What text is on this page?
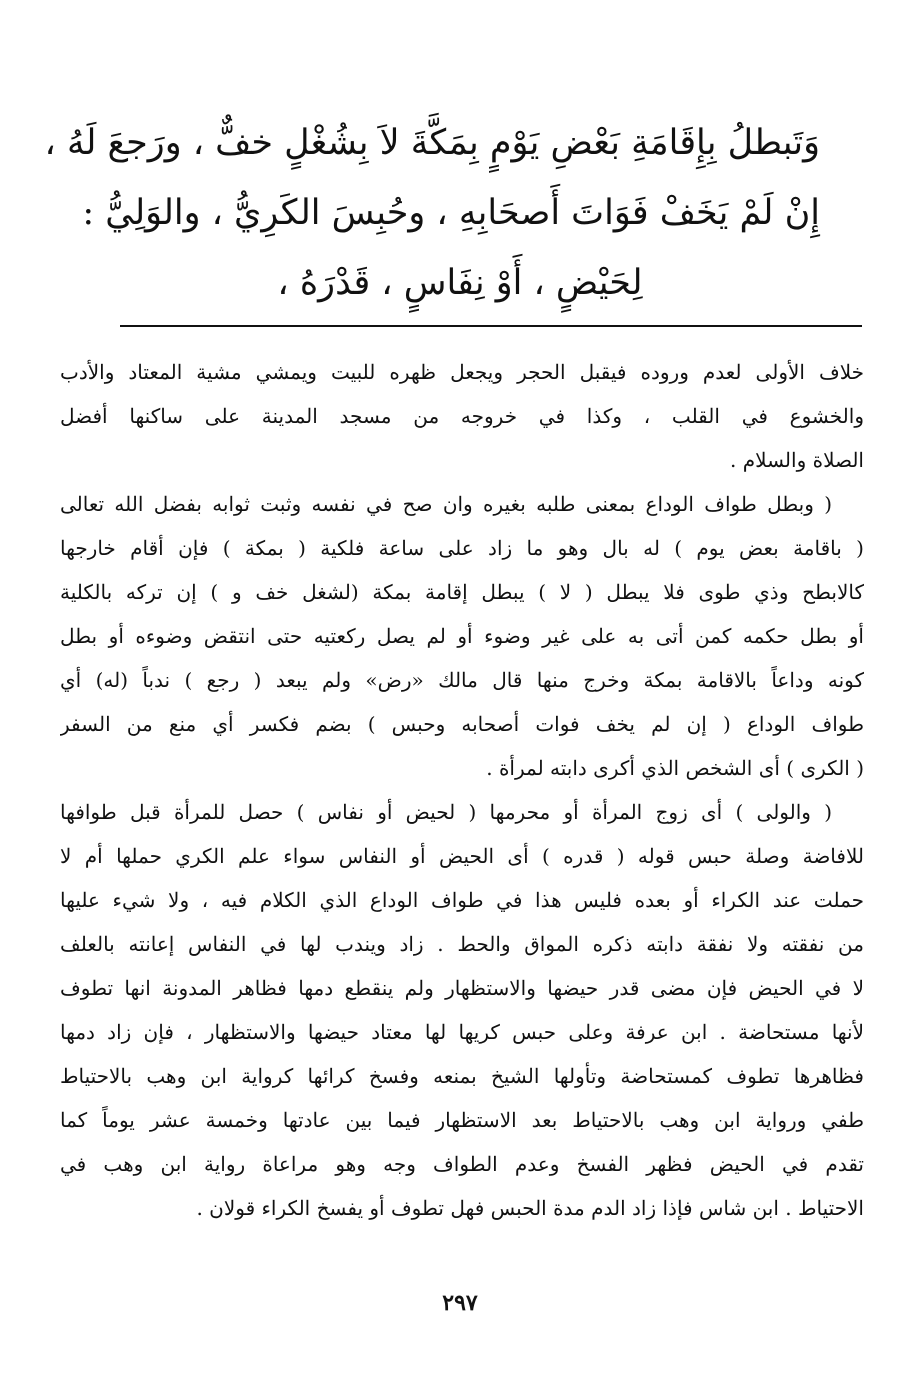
وَتَبطلُ بِإِقَامَةِ بَعْضِ يَوْمٍ بِمَكَّةَ لاَ بِشُغْلٍ خفٌّ ، ورَجعَ لَهُ ،
إِنْ لَمْ يَخَفْ فَوَاتَ أَصحَابِهِ ، وحُبِسَ الكَرِيُّ ، والوَلِيُّ :
لِحَيْضٍ ، أَوْ نِفَاسٍ ، قَدْرَهُ ،
خلاف الأولى لعدم وروده فيقبل الحجر ويجعل ظهره للبيت ويمشي مشية المعتاد والأدب
والخشوع في القلب ، وكذا في خروجه من مسجد المدينة على ساكنها أفضل
الصلاة والسلام .
( وبطل طواف الوداع بمعنى طلبه بغيره وان صح في نفسه وثبت ثوابه بفضل الله تعالى
( باقامة بعض يوم ) له بال وهو ما زاد على ساعة فلكية ( بمكة ) فإن أقام خارجها
كالابطح وذي طوى فلا يبطل ( لا ) يبطل إقامة بمكة (لشغل خف و ) إن تركه بالكلية
أو بطل حكمه كمن أتى به على غير وضوء أو لم يصل ركعتيه حتى انتقض وضوءه أو بطل
كونه وداعاً بالاقامة بمكة وخرج منها قال مالك «رض» ولم يبعد ( رجع ) ندباً (له) أي
طواف الوداع ( إن لم يخف فوات أصحابه وحبس ) بضم فكسر أي منع من السفر
( الكرى ) أى الشخص الذي أكرى دابته لمرأة .
( والولى ) أى زوج المرأة أو محرمها ( لحيض أو نفاس ) حصل للمرأة قبل طوافها
للافاضة وصلة حبس قوله ( قدره ) أى الحيض أو النفاس سواء علم الكري حملها أم لا
حملت عند الكراء أو بعده فليس هذا في طواف الوداع الذي الكلام فيه ، ولا شيء عليها
من نفقته ولا نفقة دابته ذكره المواق والحط . زاد ويندب لها في النفاس إعانته بالعلف
لا في الحيض فإن مضى قدر حيضها والاستظهار ولم ينقطع دمها فظاهر المدونة انها تطوف
لأنها مستحاضة . ابن عرفة وعلى حبس كريها لها معتاد حيضها والاستظهار ، فإن زاد دمها
فظاهرها تطوف كمستحاضة وتأولها الشيخ بمنعه وفسخ كرائها كرواية ابن وهب بالاحتياط
طفي ورواية ابن وهب بالاحتياط بعد الاستظهار فيما بين عادتها وخمسة عشر يوماً كما
تقدم في الحيض فظهر الفسخ وعدم الطواف وجه وهو مراعاة رواية ابن وهب في
الاحتياط . ابن شاس فإذا زاد الدم مدة الحبس فهل تطوف أو يفسخ الكراء قولان .
٢٩٧
